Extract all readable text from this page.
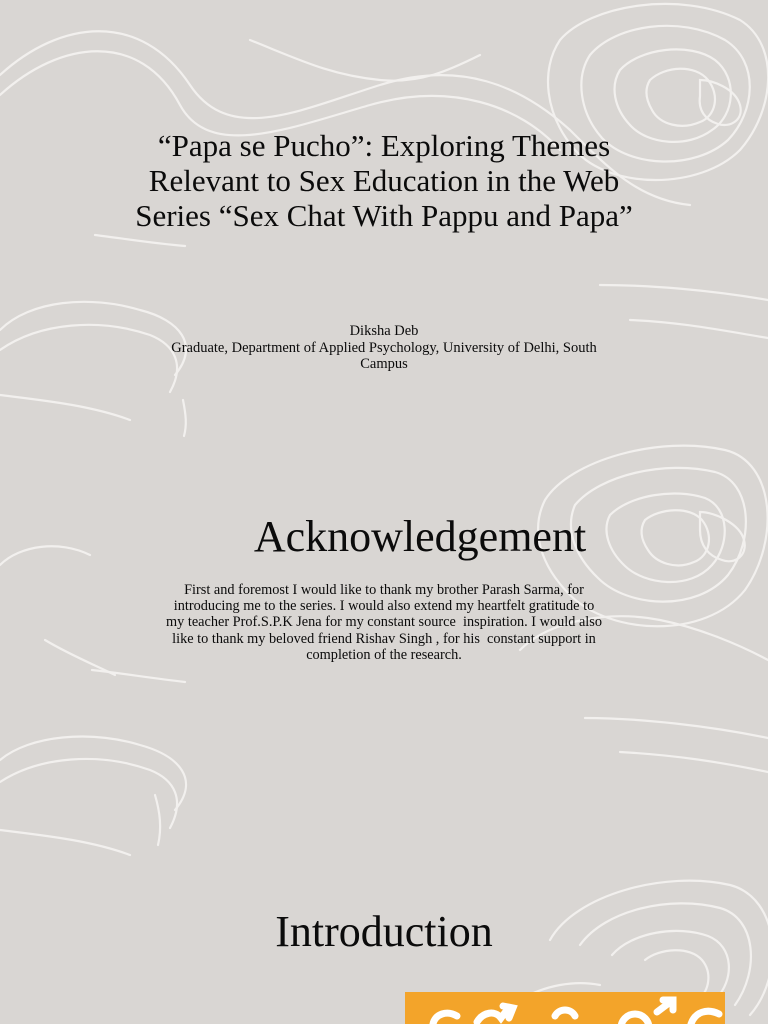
“Papa se Pucho”: Exploring Themes
Relevant to Sex Education in the Web
Series “Sex Chat With Pappu and Papa”
Diksha Deb
Graduate, Department of Applied Psychology, University of Delhi, South
Campus
Acknowledgement
First and foremost I would like to thank my brother Parash Sarma, for
introducing me to the series. I would also extend my heartfelt gratitude to
my teacher Prof.S.P.K Jena for my constant source  inspiration. I would also
like to thank my beloved friend Rishav Singh , for his  constant support in
completion of the research.
Introduction
